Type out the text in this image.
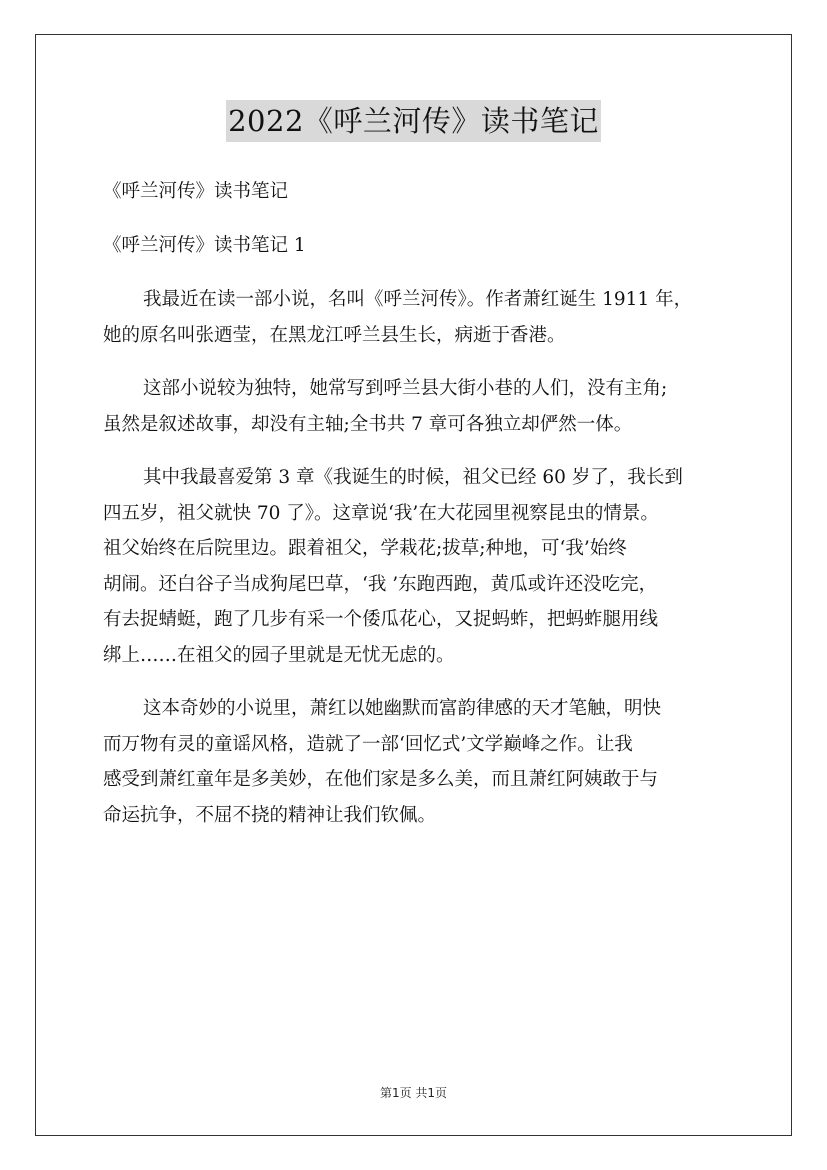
2022《呼兰河传》读书笔记

《呼兰河传》读书笔记

《呼兰河传》读书笔记 1

我最近在读一部小说，名叫《呼兰河传》。作者萧红诞生 1911 年，

她的原名叫张迺莹，在黑龙江呼兰县生长，病逝于香港。

这部小说较为独特，她常写到呼兰县大街小巷的人们，没有主角;

虽然是叙述故事，却没有主轴;全书共 7 章可各独立却俨然一体。

其中我最喜爱第 3 章《我诞生的时候，祖父已经 60 岁了，我长到

四五岁，祖父就快 70 了》。这章说‘我’在大花园里视察昆虫的情景。

祖父始终在后院里边。跟着祖父，学栽花;拔草;种地，可‘我’始终

胡闹。还白谷子当成狗尾巴草，‘我 ’东跑西跑，黄瓜或许还没吃完，

有去捉蜻蜓，跑了几步有采一个倭瓜花心，又捉蚂蚱，把蚂蚱腿用线

绑上……在祖父的园子里就是无忧无虑的。

这本奇妙的小说里，萧红以她幽默而富韵律感的天才笔触，明快

而万物有灵的童谣风格，造就了一部‘回忆式’文学巅峰之作。让我

感受到萧红童年是多美妙，在他们家是多么美，而且萧红阿姨敢于与

命运抗争，不屈不挠的精神让我们钦佩。

第1页 共1页
